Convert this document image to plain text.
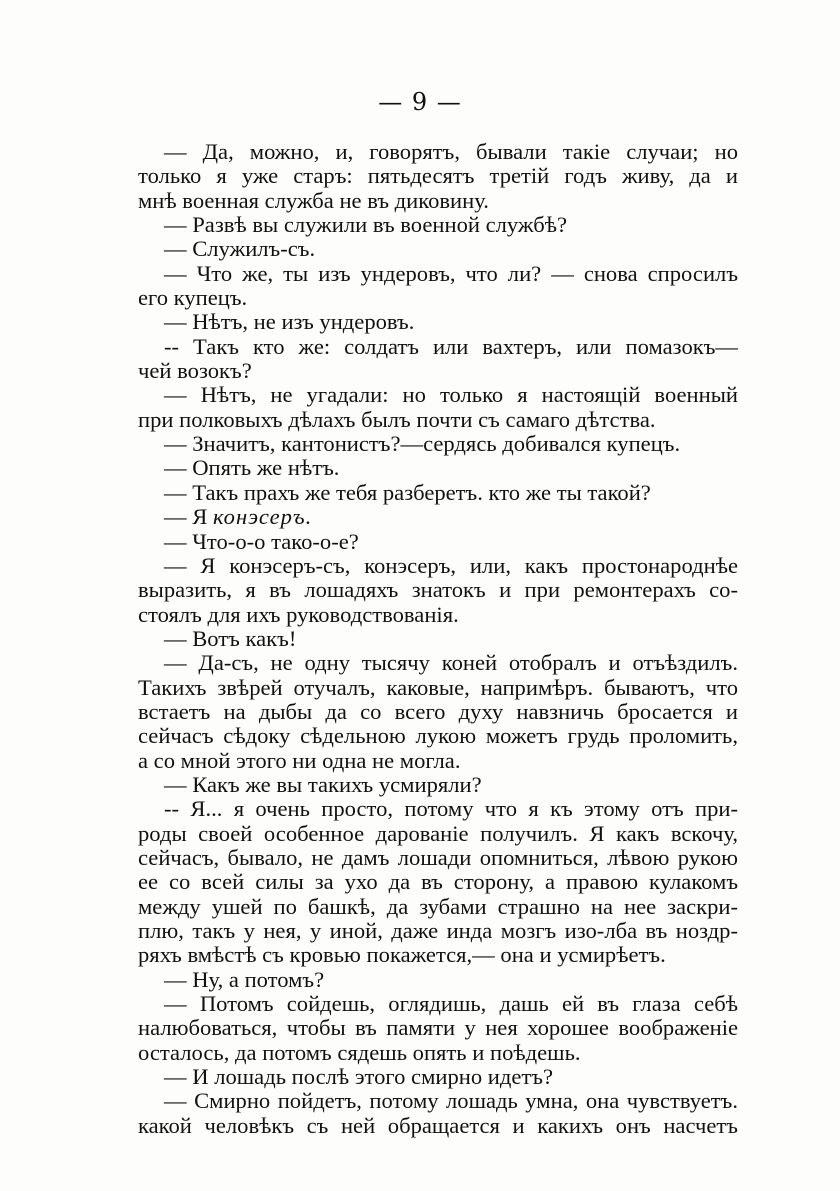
— 9 —
— Да, можно, и, говорятъ, бывали такіе случаи; но
только я уже старъ: пятьдесятъ третій годъ живу, да и
мнѣ военная служба не въ диковину.
— Развѣ вы служили въ военной службѣ?
— Служилъ-съ.
— Что же, ты изъ ундеровъ, что ли? — снова спросилъ
его купецъ.
— Нѣтъ, не изъ ундеровъ.
-- Такъ кто же: солдатъ или вахтеръ, или помазокъ—
чей возокъ?
— Нѣтъ, не угадали: но только я настоящій военный
при полковыхъ дѣлахъ былъ почти съ самаго дѣтства.
— Значитъ, кантонистъ?—сердясь добивался купецъ.
— Опять же нѣтъ.
— Такъ прахъ же тебя разберетъ. кто же ты такой?
— Я конэсеръ.
— Что-о-о тако-о-е?
— Я конэсеръ-съ, конэсеръ, или, какъ простонароднѣе
выразить, я въ лошадяхъ знатокъ и при ремонтерахъ со-
стоялъ для ихъ руководствованія.
— Вотъ какъ!
— Да-съ, не одну тысячу коней отобралъ и отъѣздилъ.
Такихъ звѣрей отучалъ, каковые, напримѣръ. бываютъ, что
встаетъ на дыбы да со всего духу навзничь бросается и
сейчасъ сѣдоку сѣдельною лукою можетъ грудь проломить,
а со мной этого ни одна не могла.
— Какъ же вы такихъ усмиряли?
-- Я... я очень просто, потому что я къ этому отъ при-
роды своей особенное дарованіе получилъ. Я какъ вскочу,
сейчасъ, бывало, не дамъ лошади опомниться, лѣвою рукою
ее со всей силы за ухо да въ сторону, а правою кулакомъ
между ушей по башкѣ, да зубами страшно на нее заскри-
плю, такъ у нея, у иной, даже инда мозгъ изо-лба въ ноздр-
ряхъ вмѣстѣ съ кровью покажется,— она и усмирѣетъ.
— Ну, а потомъ?
— Потомъ сойдешь, оглядишь, дашь ей въ глаза себѣ
налюбоваться, чтобы въ памяти у нея хорошее воображеніе
осталось, да потомъ сядешь опять и поѣдешь.
— И лошадь послѣ этого смирно идетъ?
— Смирно пойдетъ, потому лошадь умна, она чувствуетъ.
какой человѣкъ съ ней обращается и какихъ онъ насчетъ
